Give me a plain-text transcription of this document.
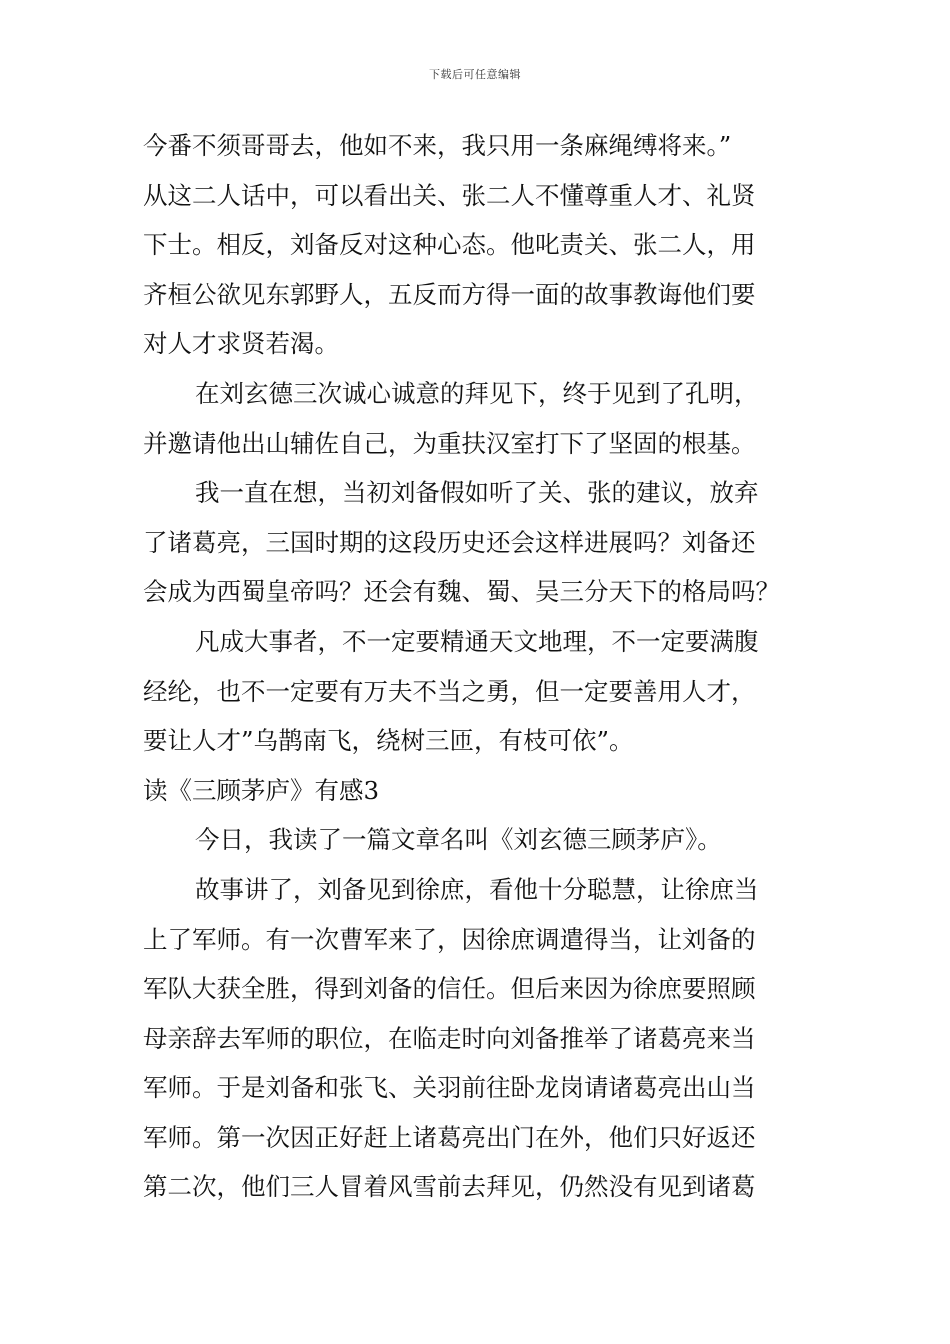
下载后可任意编辑
今番不须哥哥去，他如不来，我只用一条麻绳缚将来。”
从这二人话中，可以看出关、张二人不懂尊重人才、礼贤
下士。相反，刘备反对这种心态。他叱责关、张二人，用
齐桓公欲见东郭野人，五反而方得一面的故事教诲他们要
对人才求贤若渴。
在刘玄德三次诚心诚意的拜见下，终于见到了孔明，
并邀请他出山辅佐自己，为重扶汉室打下了坚固的根基。
我一直在想，当初刘备假如听了关、张的建议，放弃
了诸葛亮，三国时期的这段历史还会这样进展吗？刘备还
会成为西蜀皇帝吗？还会有魏、蜀、吴三分天下的格局吗？
凡成大事者，不一定要精通天文地理，不一定要满腹
经纶，也不一定要有万夫不当之勇，但一定要善用人才，
要让人才”乌鹊南飞，绕树三匝，有枝可依”。
读《三顾茅庐》有感3
今日，我读了一篇文章名叫《刘玄德三顾茅庐》。
故事讲了，刘备见到徐庶，看他十分聪慧，让徐庶当
上了军师。有一次曹军来了，因徐庶调遣得当，让刘备的
军队大获全胜，得到刘备的信任。但后来因为徐庶要照顾
母亲辞去军师的职位，在临走时向刘备推举了诸葛亮来当
军师。于是刘备和张飞、关羽前往卧龙岗请诸葛亮出山当
军师。第一次因正好赶上诸葛亮出门在外，他们只好返还
第二次，他们三人冒着风雪前去拜见，仍然没有见到诸葛
